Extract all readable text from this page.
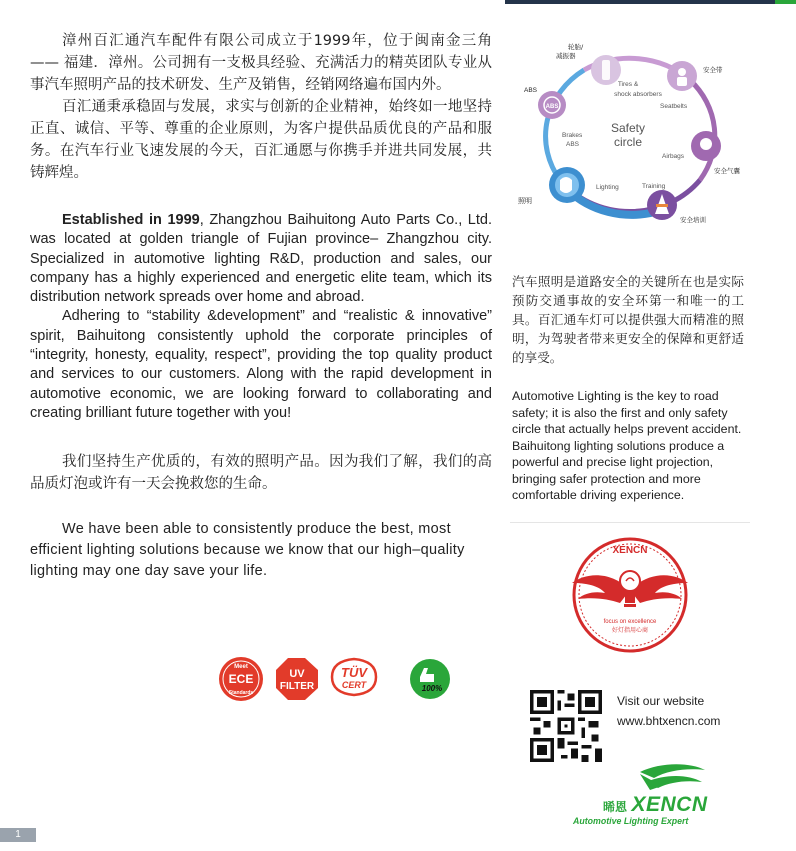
漳州百汇通汽车配件有限公司成立于1999年，位于闽南金三角 —— 福建．漳州。公司拥有一支极具经验、充满活力的精英团队专业从事汽车照明产品的技术研发、生产及销售，经销网络遍布国内外。

百汇通秉承稳固与发展，求实与创新的企业精神，始终如一地坚持正直、诚信、平等、尊重的企业原则，为客户提供品质优良的产品和服务。在汽车行业飞速发展的今天，百汇通愿与你携手并进共同发展，共铸辉煌。

Established in 1999, Zhangzhou Baihuitong Auto Parts Co., Ltd. was located at golden triangle of Fujian province– Zhangzhou city. Specialized in automotive lighting R&D, production and sales, our company has a highly experienced and energetic elite team, which its distribution network spreads over home and abroad.

Adhering to “stability &development” and “realistic & innovative” spirit, Baihuitong consistently uphold the corporate principles of “integrity, honesty, equality, respect”, providing the top quality product and services to our customers. Along with the rapid development in automotive economic, we are looking forward to collaborating and creating brilliant future together with you!

我们坚持生产优质的，有效的照明产品。因为我们了解，我们的高品质灯泡或许有一天会挽救您的生命。

We have been able to consistently produce the best, most efficient lighting solutions because we know that our high–quality lighting may one day save your life.

Meet
ECE
Standards
UV
FILTER
TÜV
CERT	100%
Safety
circle
轮胎/
减振器
Tires &
shock absorbers
安全带
Seatbelts
ABS
ABS
Brakes
ABS
Airbags
安全气囊
Lighting
照明
Training
安全培训

汽车照明是道路安全的关键所在也是实际预防交通事故的安全环第一和唯一的工具。百汇通车灯可以提供强大而精准的照明，为驾驶者带来更安全的保障和更舒适的享受。

Automotive Lighting is the key to road safety; it is also the first and only safety circle that actually helps prevent accident. Baihuitong lighting solutions produce a powerful and precise light projection, bringing safer protection and more comfortable driving experience.

XENCN
focus on excellence
好灯指用心商
Visit our website
www.bhtxencn.com
晞恩 XENCN
Automotive Lighting Expert
1
